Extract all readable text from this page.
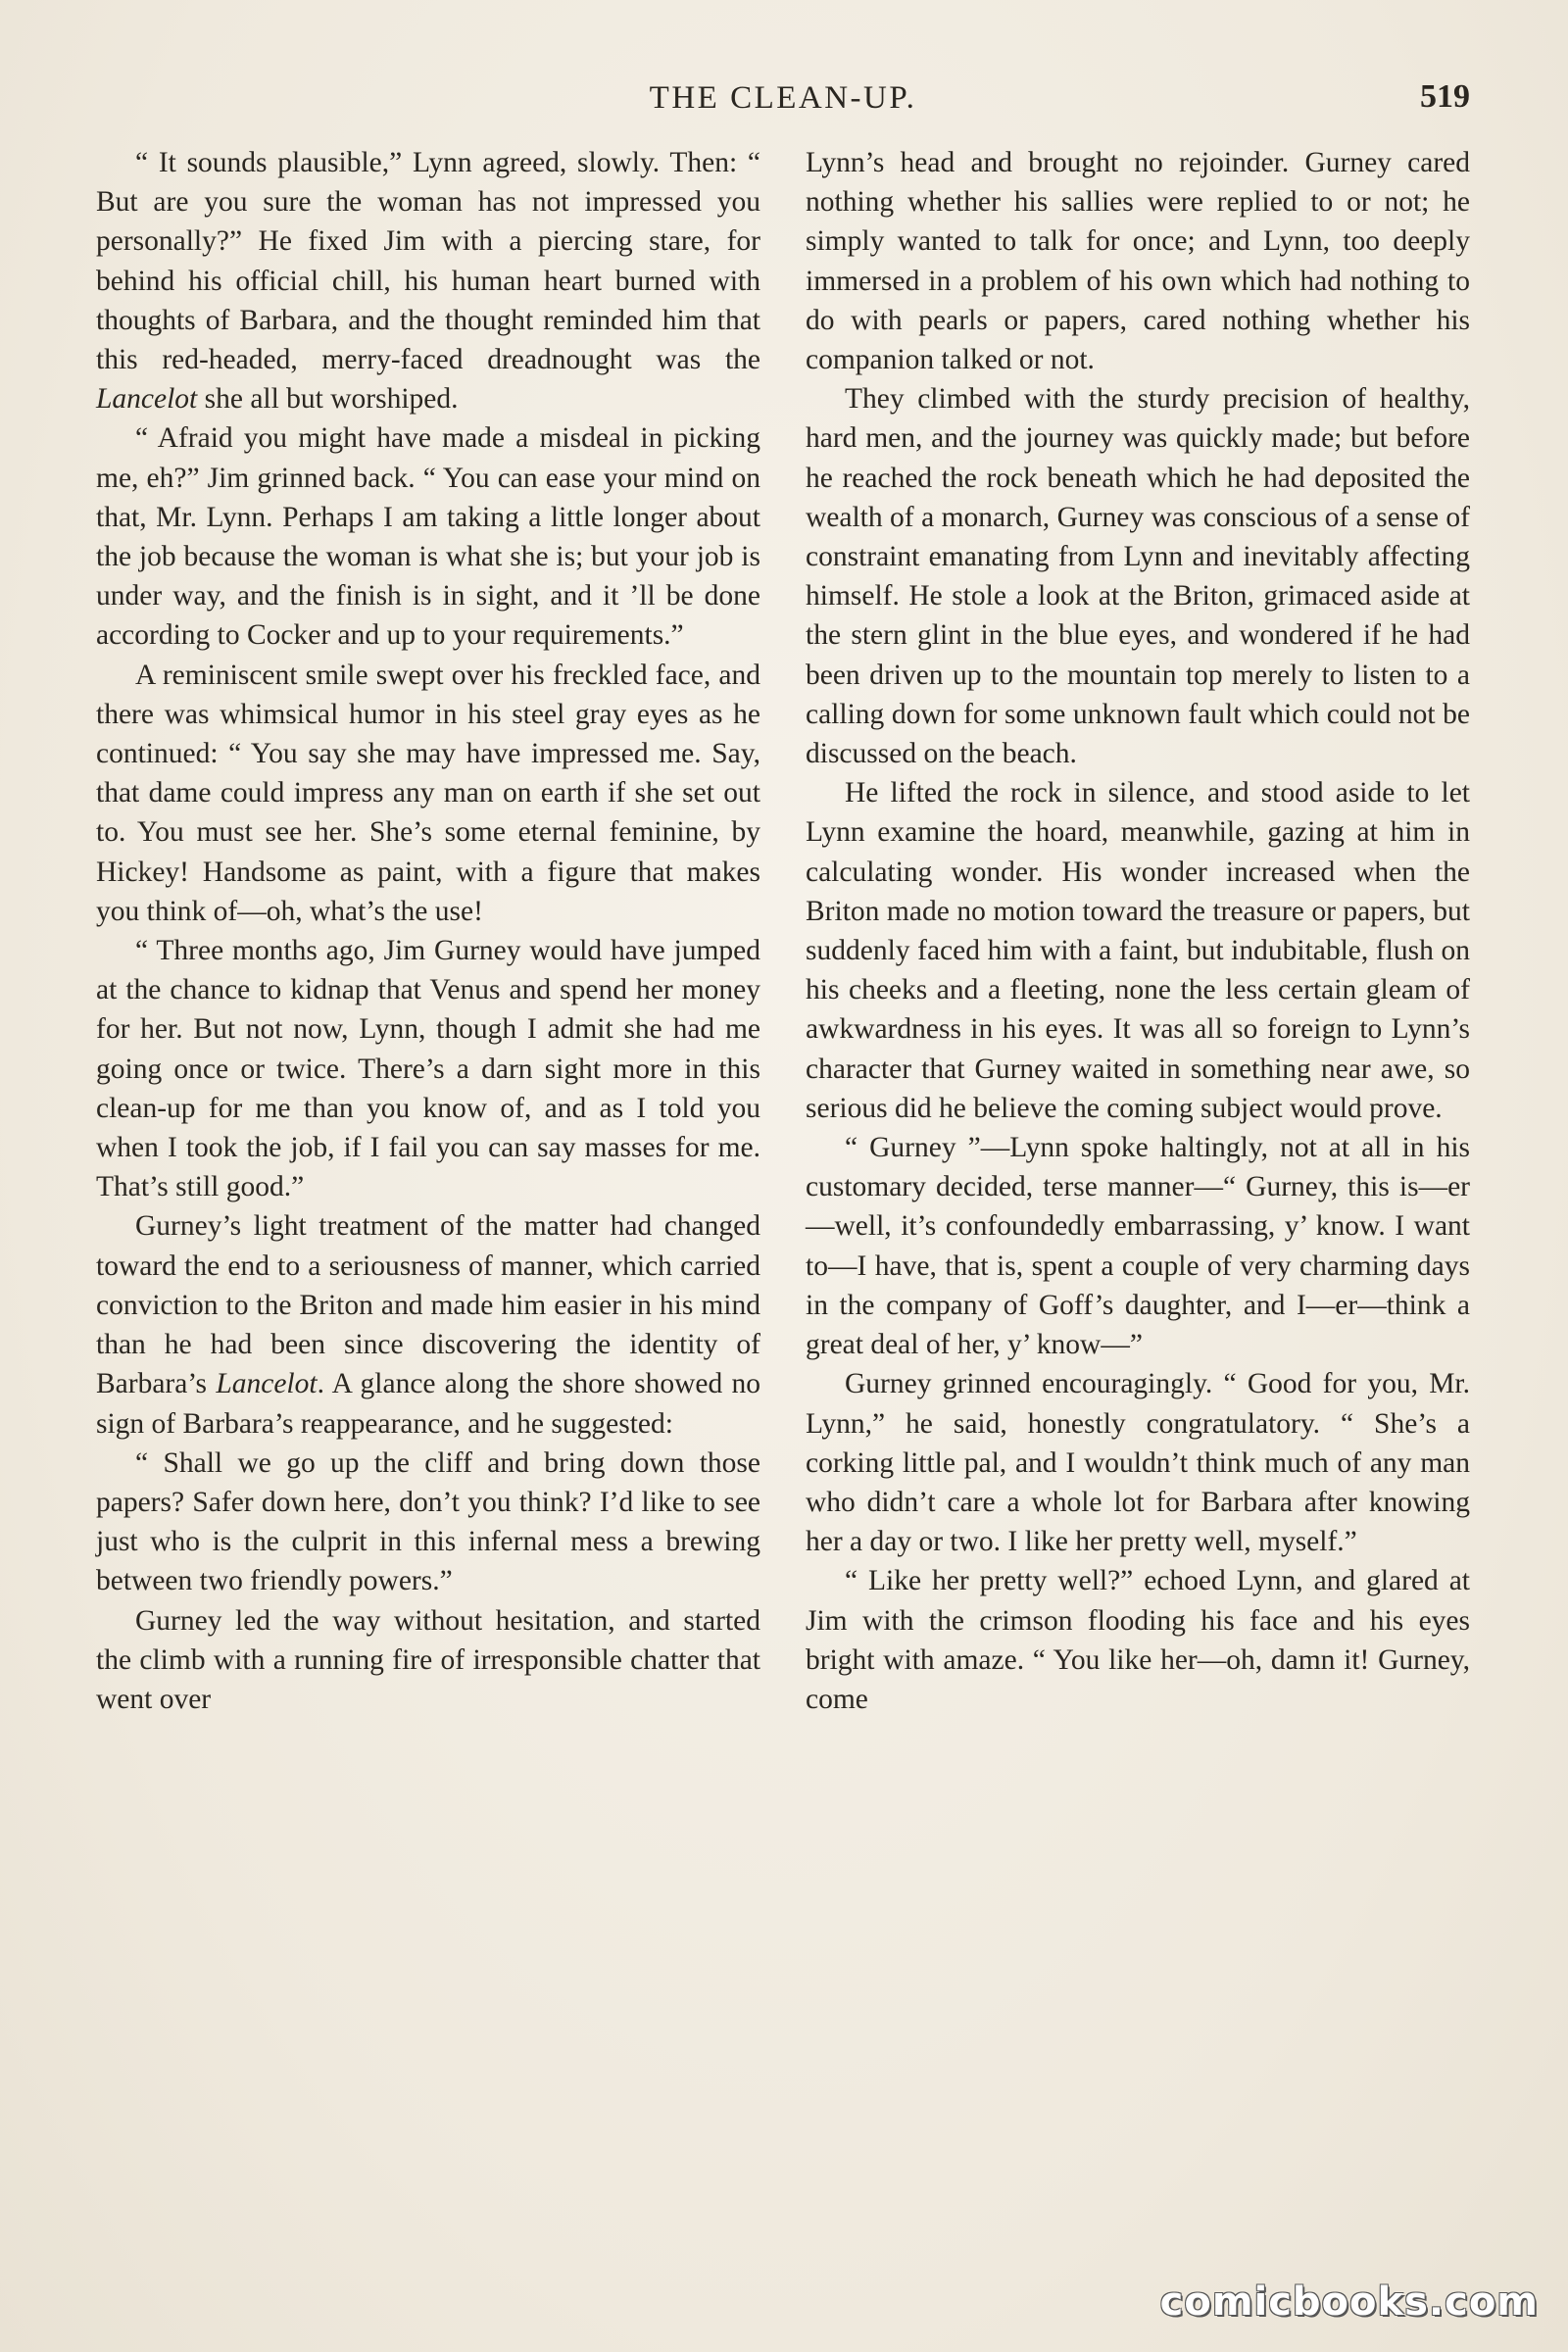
THE CLEAN-UP.	519

“ It sounds plausible,” Lynn agreed, slowly. Then: “ But are you sure the woman has not impressed you personally?” He fixed Jim with a piercing stare, for behind his official chill, his human heart burned with thoughts of Barbara, and the thought reminded him that this red-headed, merry-faced dreadnought was the Lancelot she all but worshiped.

“ Afraid you might have made a misdeal in picking me, eh?” Jim grinned back. “ You can ease your mind on that, Mr. Lynn. Perhaps I am taking a little longer about the job because the woman is what she is; but your job is under way, and the finish is in sight, and it ’ll be done according to Cocker and up to your requirements.”

A reminiscent smile swept over his freckled face, and there was whimsical humor in his steel gray eyes as he continued: “ You say she may have impressed me. Say, that dame could impress any man on earth if she set out to. You must see her. She’s some eternal feminine, by Hickey! Handsome as paint, with a figure that makes you think of—oh, what’s the use!

“ Three months ago, Jim Gurney would have jumped at the chance to kidnap that Venus and spend her money for her. But not now, Lynn, though I admit she had me going once or twice. There’s a darn sight more in this clean-up for me than you know of, and as I told you when I took the job, if I fail you can say masses for me. That’s still good.”

Gurney’s light treatment of the matter had changed toward the end to a seriousness of manner, which carried conviction to the Briton and made him easier in his mind than he had been since discovering the identity of Barbara’s Lancelot. A glance along the shore showed no sign of Barbara’s reappearance, and he suggested:

“ Shall we go up the cliff and bring down those papers? Safer down here, don’t you think? I’d like to see just who is the culprit in this infernal mess a brewing between two friendly powers.”

Gurney led the way without hesitation, and started the climb with a running fire of irresponsible chatter that went over

Lynn’s head and brought no rejoinder. Gurney cared nothing whether his sallies were replied to or not; he simply wanted to talk for once; and Lynn, too deeply immersed in a problem of his own which had nothing to do with pearls or papers, cared nothing whether his companion talked or not.

They climbed with the sturdy precision of healthy, hard men, and the journey was quickly made; but before he reached the rock beneath which he had deposited the wealth of a monarch, Gurney was conscious of a sense of constraint emanating from Lynn and inevitably affecting himself. He stole a look at the Briton, grimaced aside at the stern glint in the blue eyes, and wondered if he had been driven up to the mountain top merely to listen to a calling down for some unknown fault which could not be discussed on the beach.

He lifted the rock in silence, and stood aside to let Lynn examine the hoard, meanwhile, gazing at him in calculating wonder. His wonder increased when the Briton made no motion toward the treasure or papers, but suddenly faced him with a faint, but indubitable, flush on his cheeks and a fleeting, none the less certain gleam of awkwardness in his eyes. It was all so foreign to Lynn’s character that Gurney waited in something near awe, so serious did he believe the coming subject would prove.

“ Gurney ”—Lynn spoke haltingly, not at all in his customary decided, terse manner—“ Gurney, this is—er—well, it’s confoundedly embarrassing, y’ know. I want to—I have, that is, spent a couple of very charming days in the company of Goff’s daughter, and I—er—think a great deal of her, y’ know—”

Gurney grinned encouragingly. “ Good for you, Mr. Lynn,” he said, honestly congratulatory. “ She’s a corking little pal, and I wouldn’t think much of any man who didn’t care a whole lot for Barbara after knowing her a day or two. I like her pretty well, myself.”

“ Like her pretty well?” echoed Lynn, and glared at Jim with the crimson flooding his face and his eyes bright with amaze. “ You like her—oh, damn it! Gurney, come

comicbooks.com
